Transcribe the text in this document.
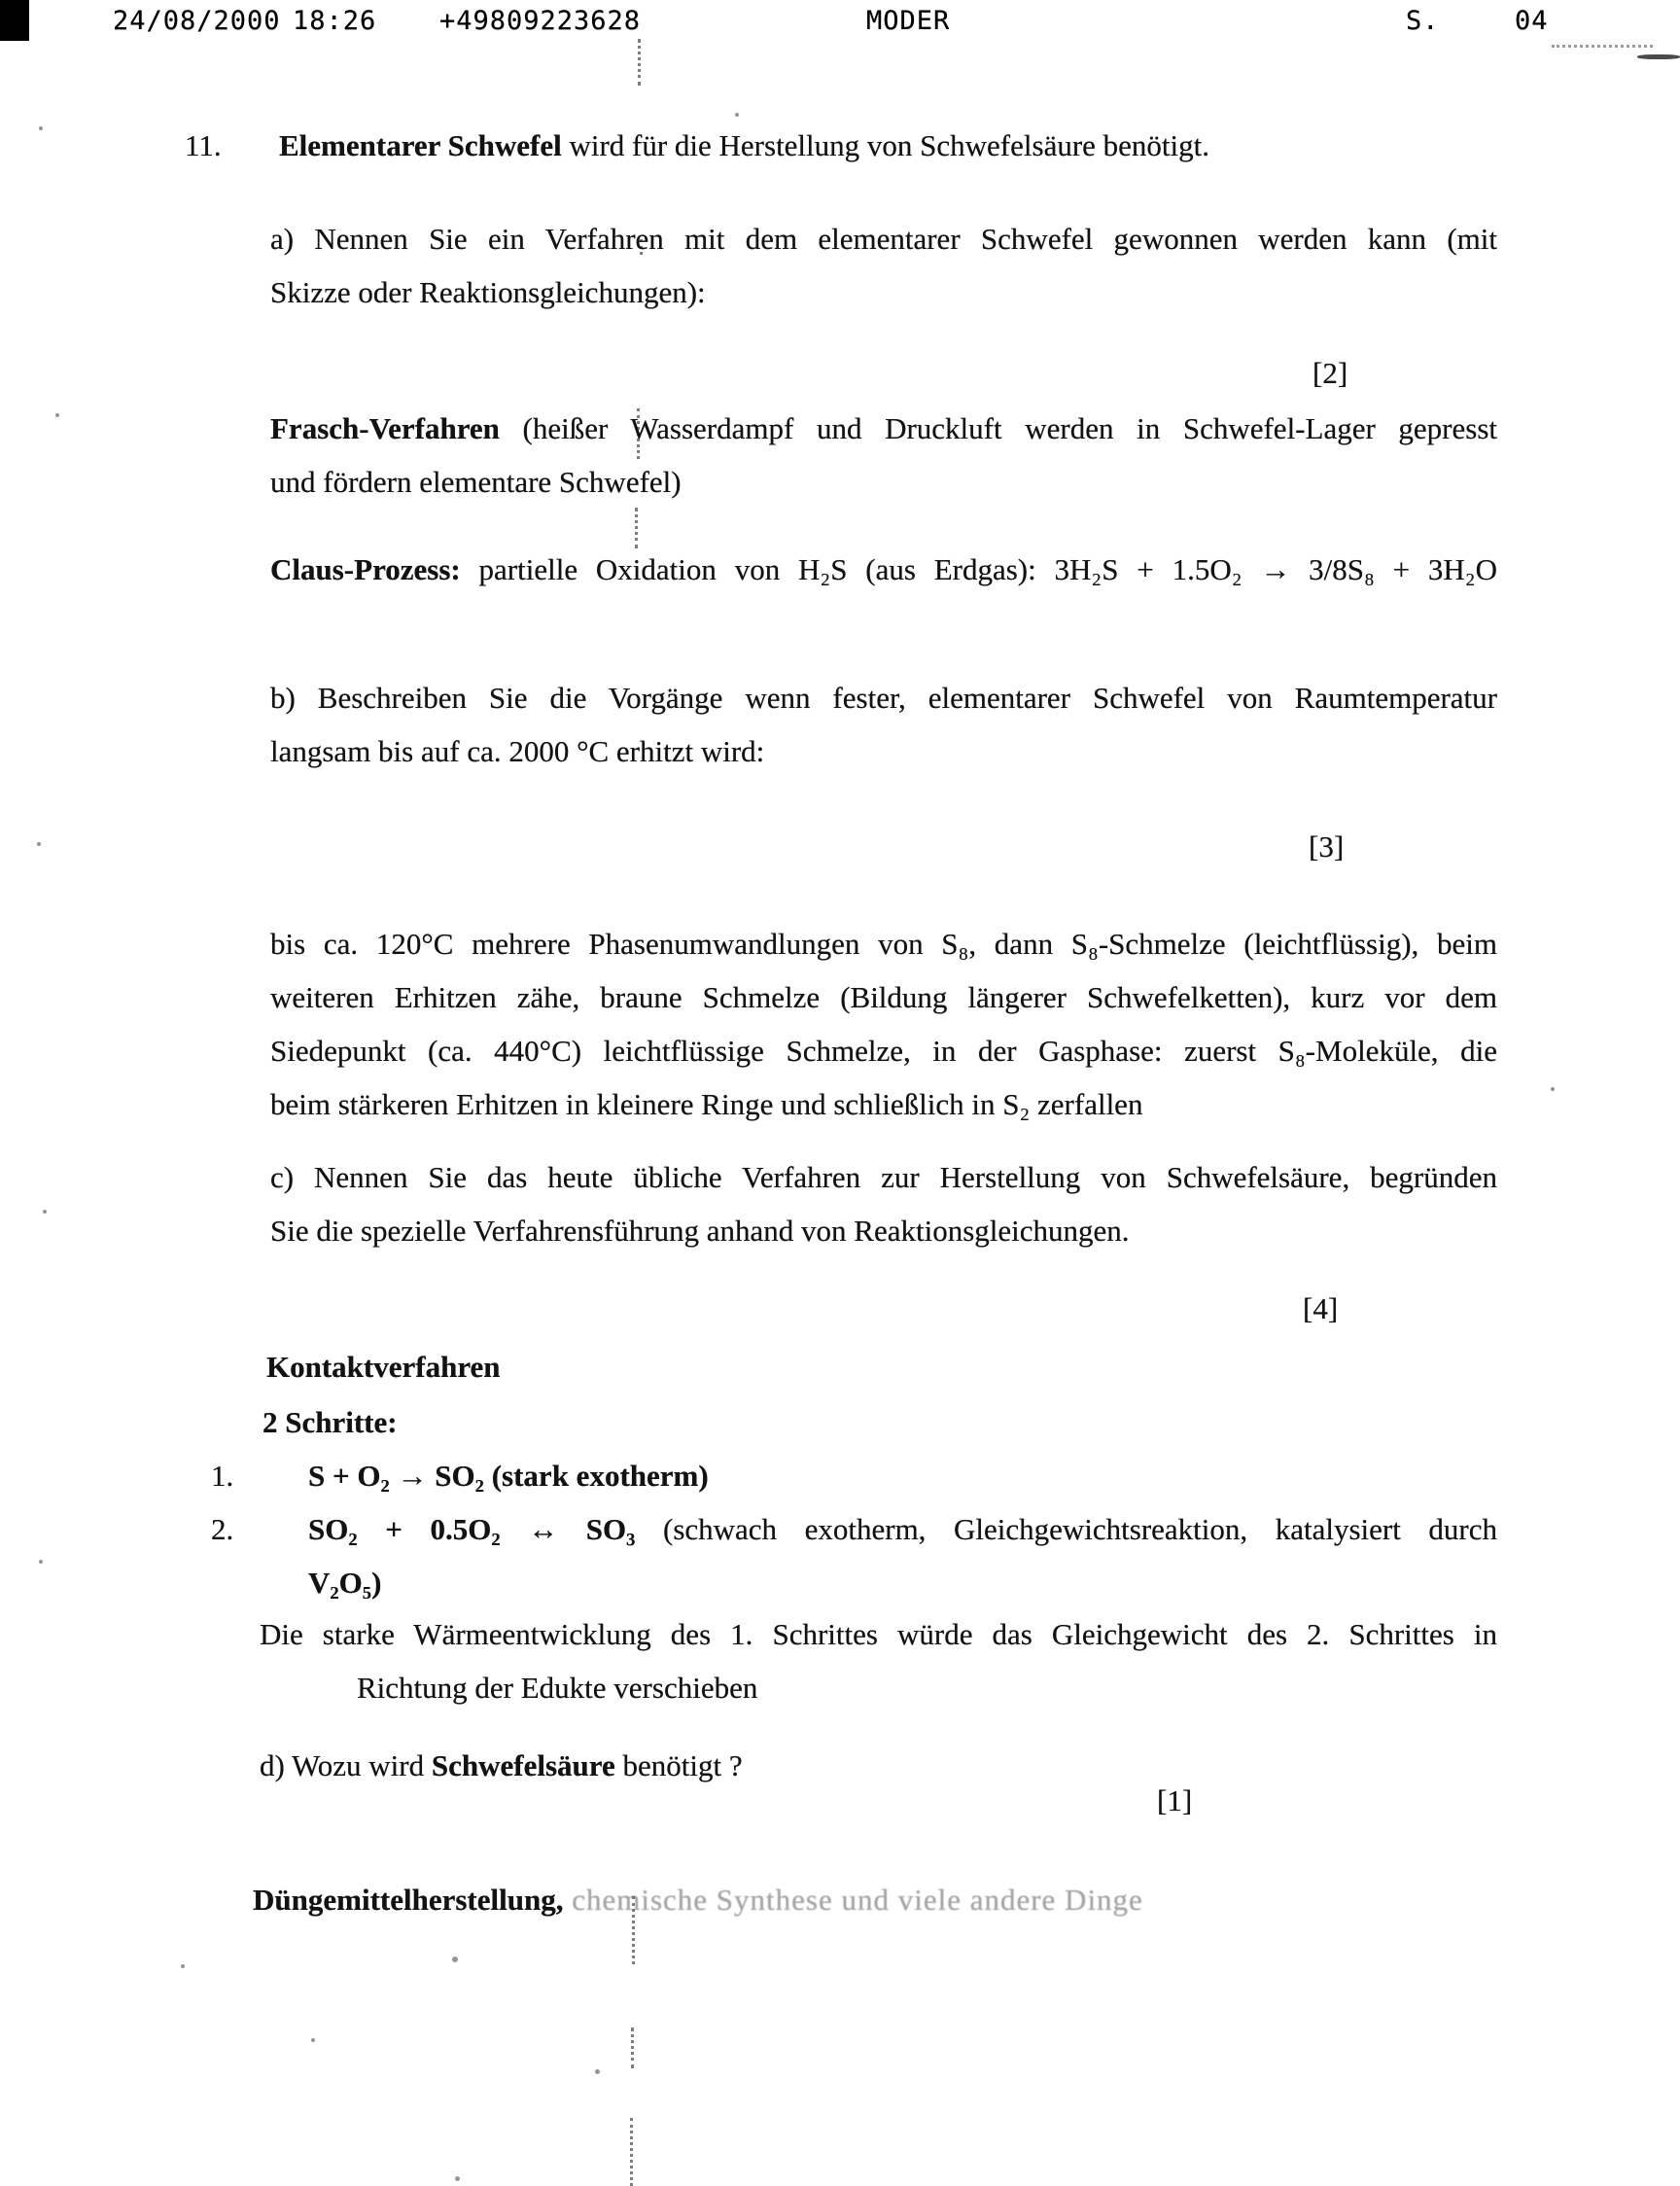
24/08/2000 18:26 +49809223628	MODER	S.	04
11. Elementarer Schwefel wird für die Herstellung von Schwefelsäure benötigt.
a) Nennen Sie ein Verfahren mit dem elementarer Schwefel gewonnen werden kann (mit
Skizze oder Reaktionsgleichungen):
[2]
Frasch-Verfahren (heißer Wasserdampf und Druckluft werden in Schwefel-Lager gepresst
und fördern elementare Schwefel)
Claus-Prozess: partielle Oxidation von H₂S (aus Erdgas): 3H₂S + 1.5O₂ → 3/8S₈ + 3H₂O
b) Beschreiben Sie die Vorgänge wenn fester, elementarer Schwefel von Raumtemperatur
langsam bis auf ca. 2000 °C erhitzt wird:
[3]
bis ca. 120°C mehrere Phasenumwandlungen von S₈, dann S₈-Schmelze (leichtflüssig), beim
weiteren Erhitzen zähe, braune Schmelze (Bildung längerer Schwefelketten), kurz vor dem
Siedepunkt (ca. 440°C) leichtflüssige Schmelze, in der Gasphase: zuerst S₈-Moleküle, die
beim stärkeren Erhitzen in kleinere Ringe und schließlich in S₂ zerfallen
c) Nennen Sie das heute übliche Verfahren zur Herstellung von Schwefelsäure, begründen
Sie die spezielle Verfahrensführung anhand von Reaktionsgleichungen.
[4]
Kontaktverfahren
2 Schritte:
1. S + O₂ → SO₂ (stark exotherm)
2. SO₂ + 0.5O₂ ↔ SO₃ (schwach exotherm, Gleichgewichtsreaktion, katalysiert durch
V₂O₅)
Die starke Wärmeentwicklung des 1. Schrittes würde das Gleichgewicht des 2. Schrittes in
Richtung der Edukte verschieben
d) Wozu wird Schwefelsäure benötigt ?
[1]
Düngemittelherstellung, chemische Synthese und viele andere Dinge
